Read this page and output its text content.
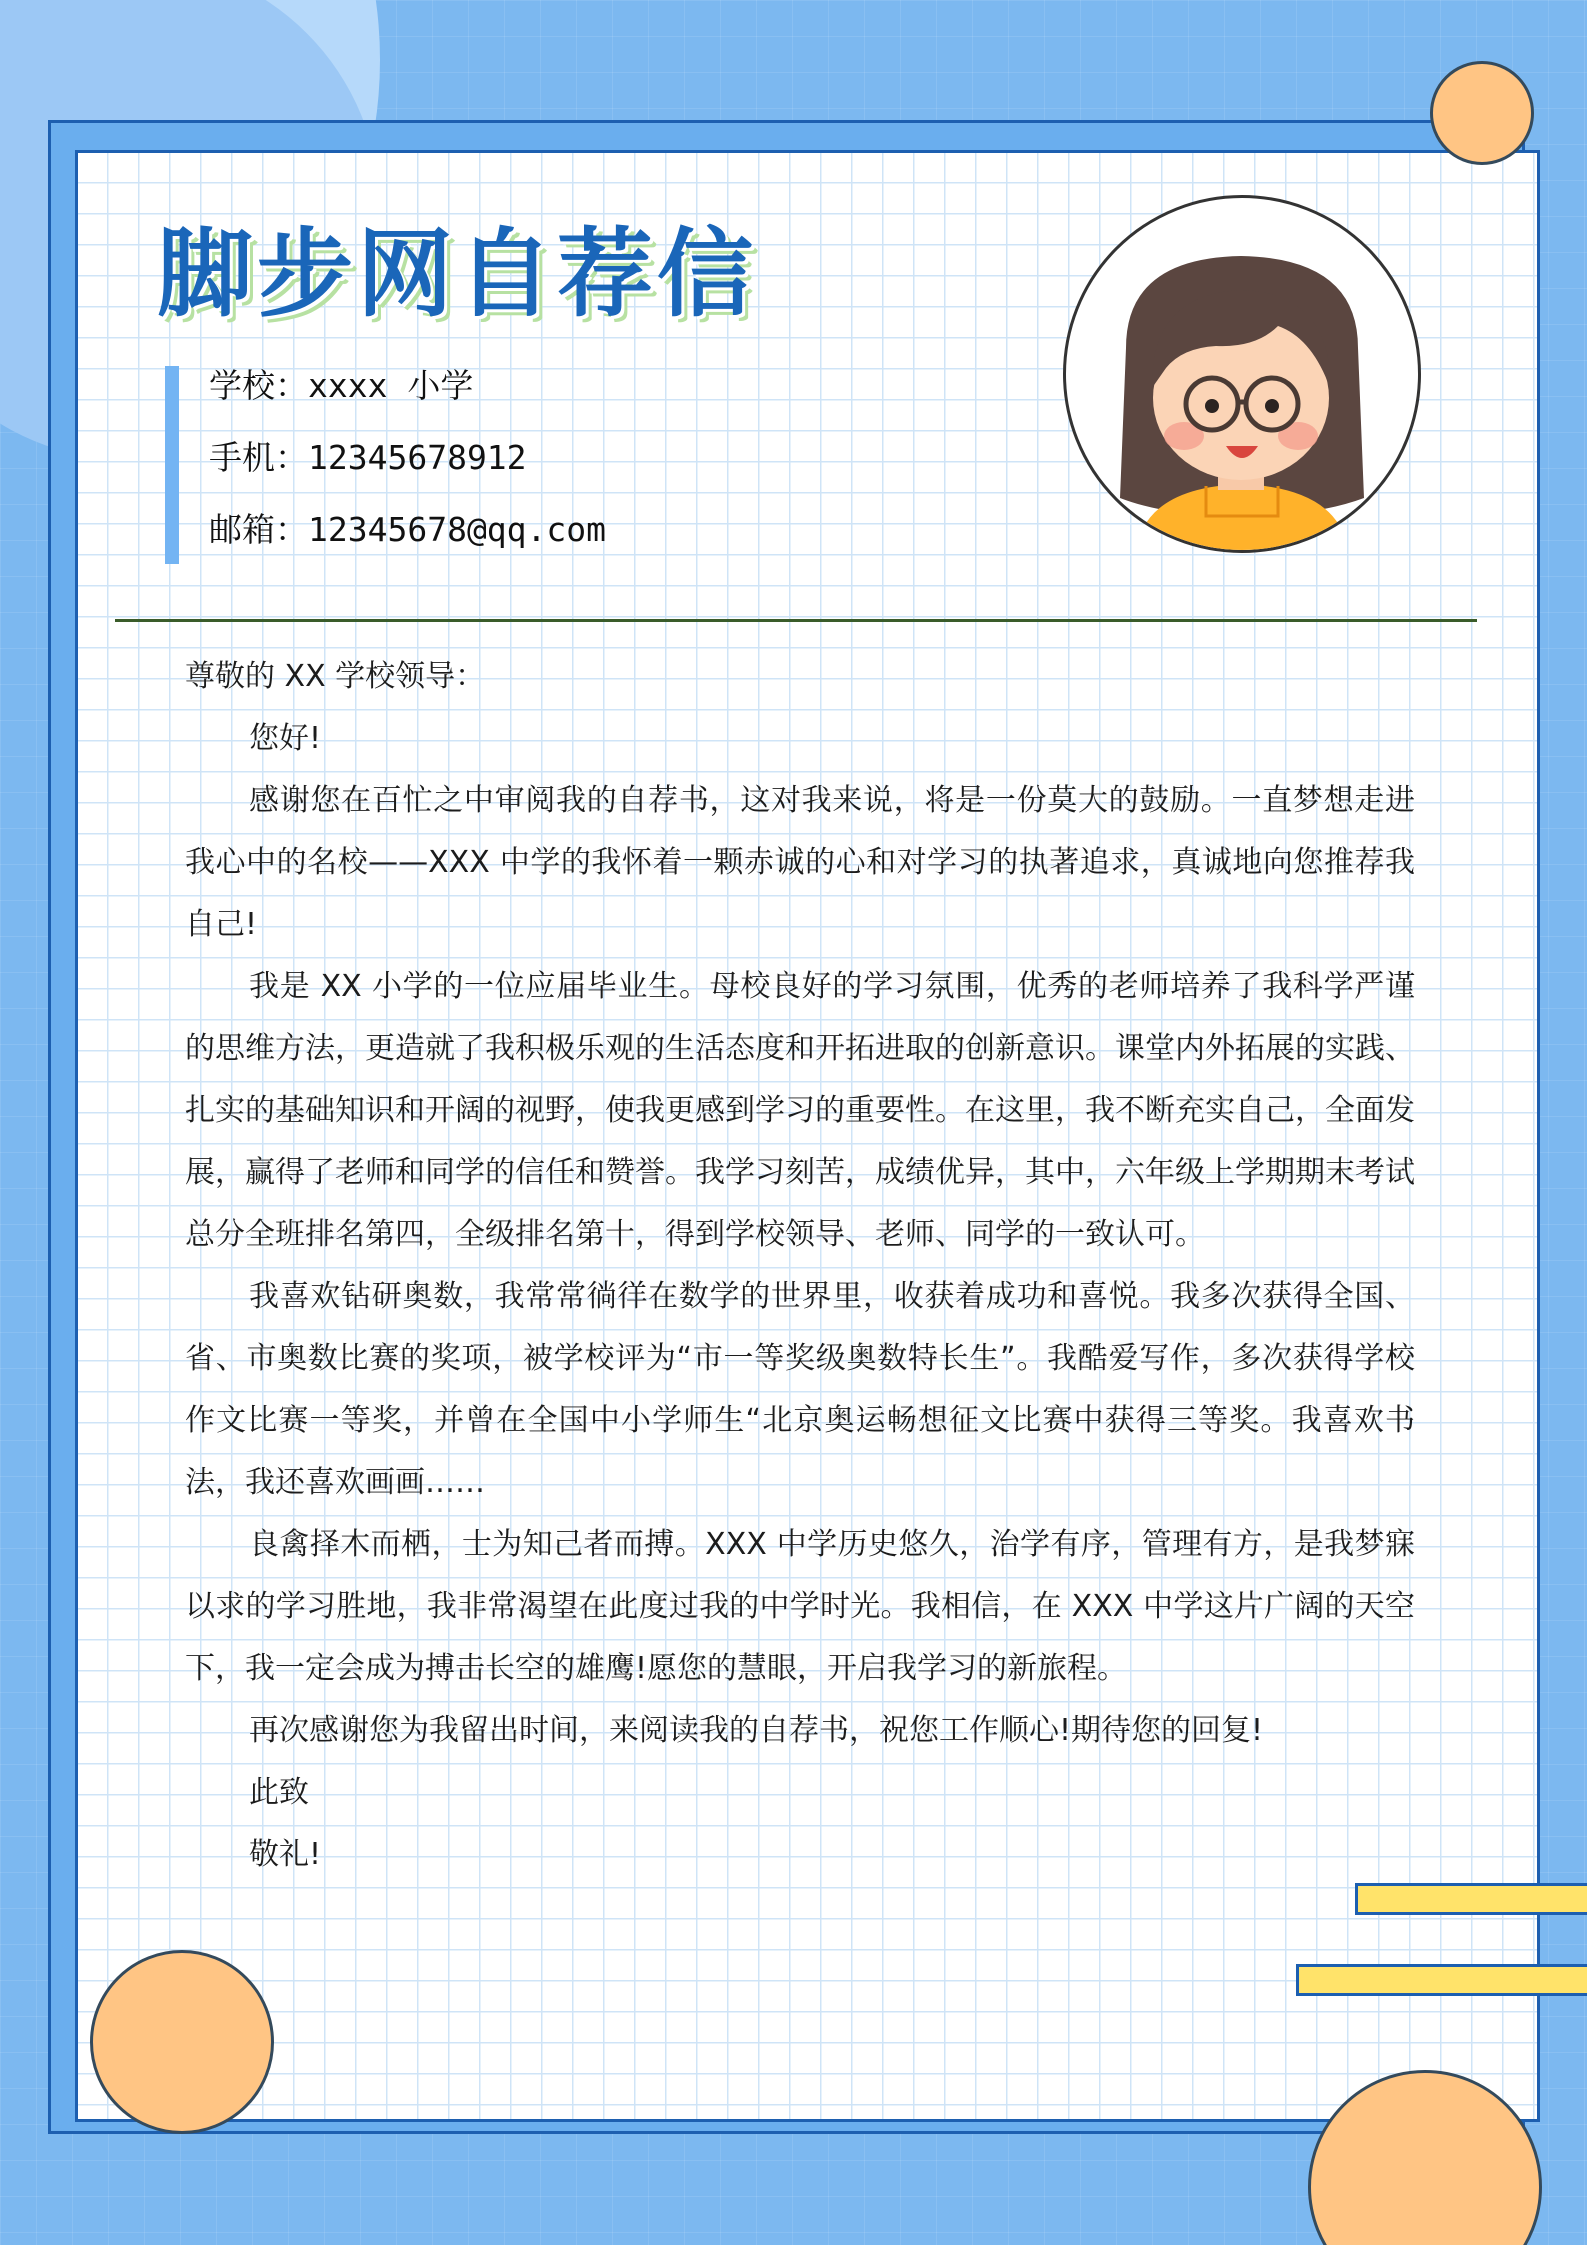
脚步网自荐信
学校：xxxx 小学
手机：12345678912
邮箱：12345678@qq.com

尊敬的 XX 学校领导：

您好!

感谢您在百忙之中审阅我的自荐书，这对我来说，将是一份莫大的鼓励。一直梦想走进我心中的名校——XXX 中学的我怀着一颗赤诚的心和对学习的执著追求，真诚地向您推荐我自己!

我是 XX 小学的一位应届毕业生。母校良好的学习氛围，优秀的老师培养了我科学严谨的思维方法，更造就了我积极乐观的生活态度和开拓进取的创新意识。课堂内外拓展的实践、扎实的基础知识和开阔的视野，使我更感到学习的重要性。在这里，我不断充实自己，全面发展，赢得了老师和同学的信任和赞誉。我学习刻苦，成绩优异，其中，六年级上学期期末考试总分全班排名第四，全级排名第十，得到学校领导、老师、同学的一致认可。

我喜欢钻研奥数，我常常徜徉在数学的世界里，收获着成功和喜悦。我多次获得全国、省、市奥数比赛的奖项，被学校评为“市一等奖级奥数特长生”。我酷爱写作，多次获得学校作文比赛一等奖，并曾在全国中小学师生“北京奥运畅想征文比赛中获得三等奖。我喜欢书法，我还喜欢画画……

良禽择木而栖，士为知己者而搏。XXX 中学历史悠久，治学有序，管理有方，是我梦寐以求的学习胜地，我非常渴望在此度过我的中学时光。我相信，在 XXX 中学这片广阔的天空下，我一定会成为搏击长空的雄鹰!愿您的慧眼，开启我学习的新旅程。

再次感谢您为我留出时间，来阅读我的自荐书，祝您工作顺心!期待您的回复!

此致

敬礼!
